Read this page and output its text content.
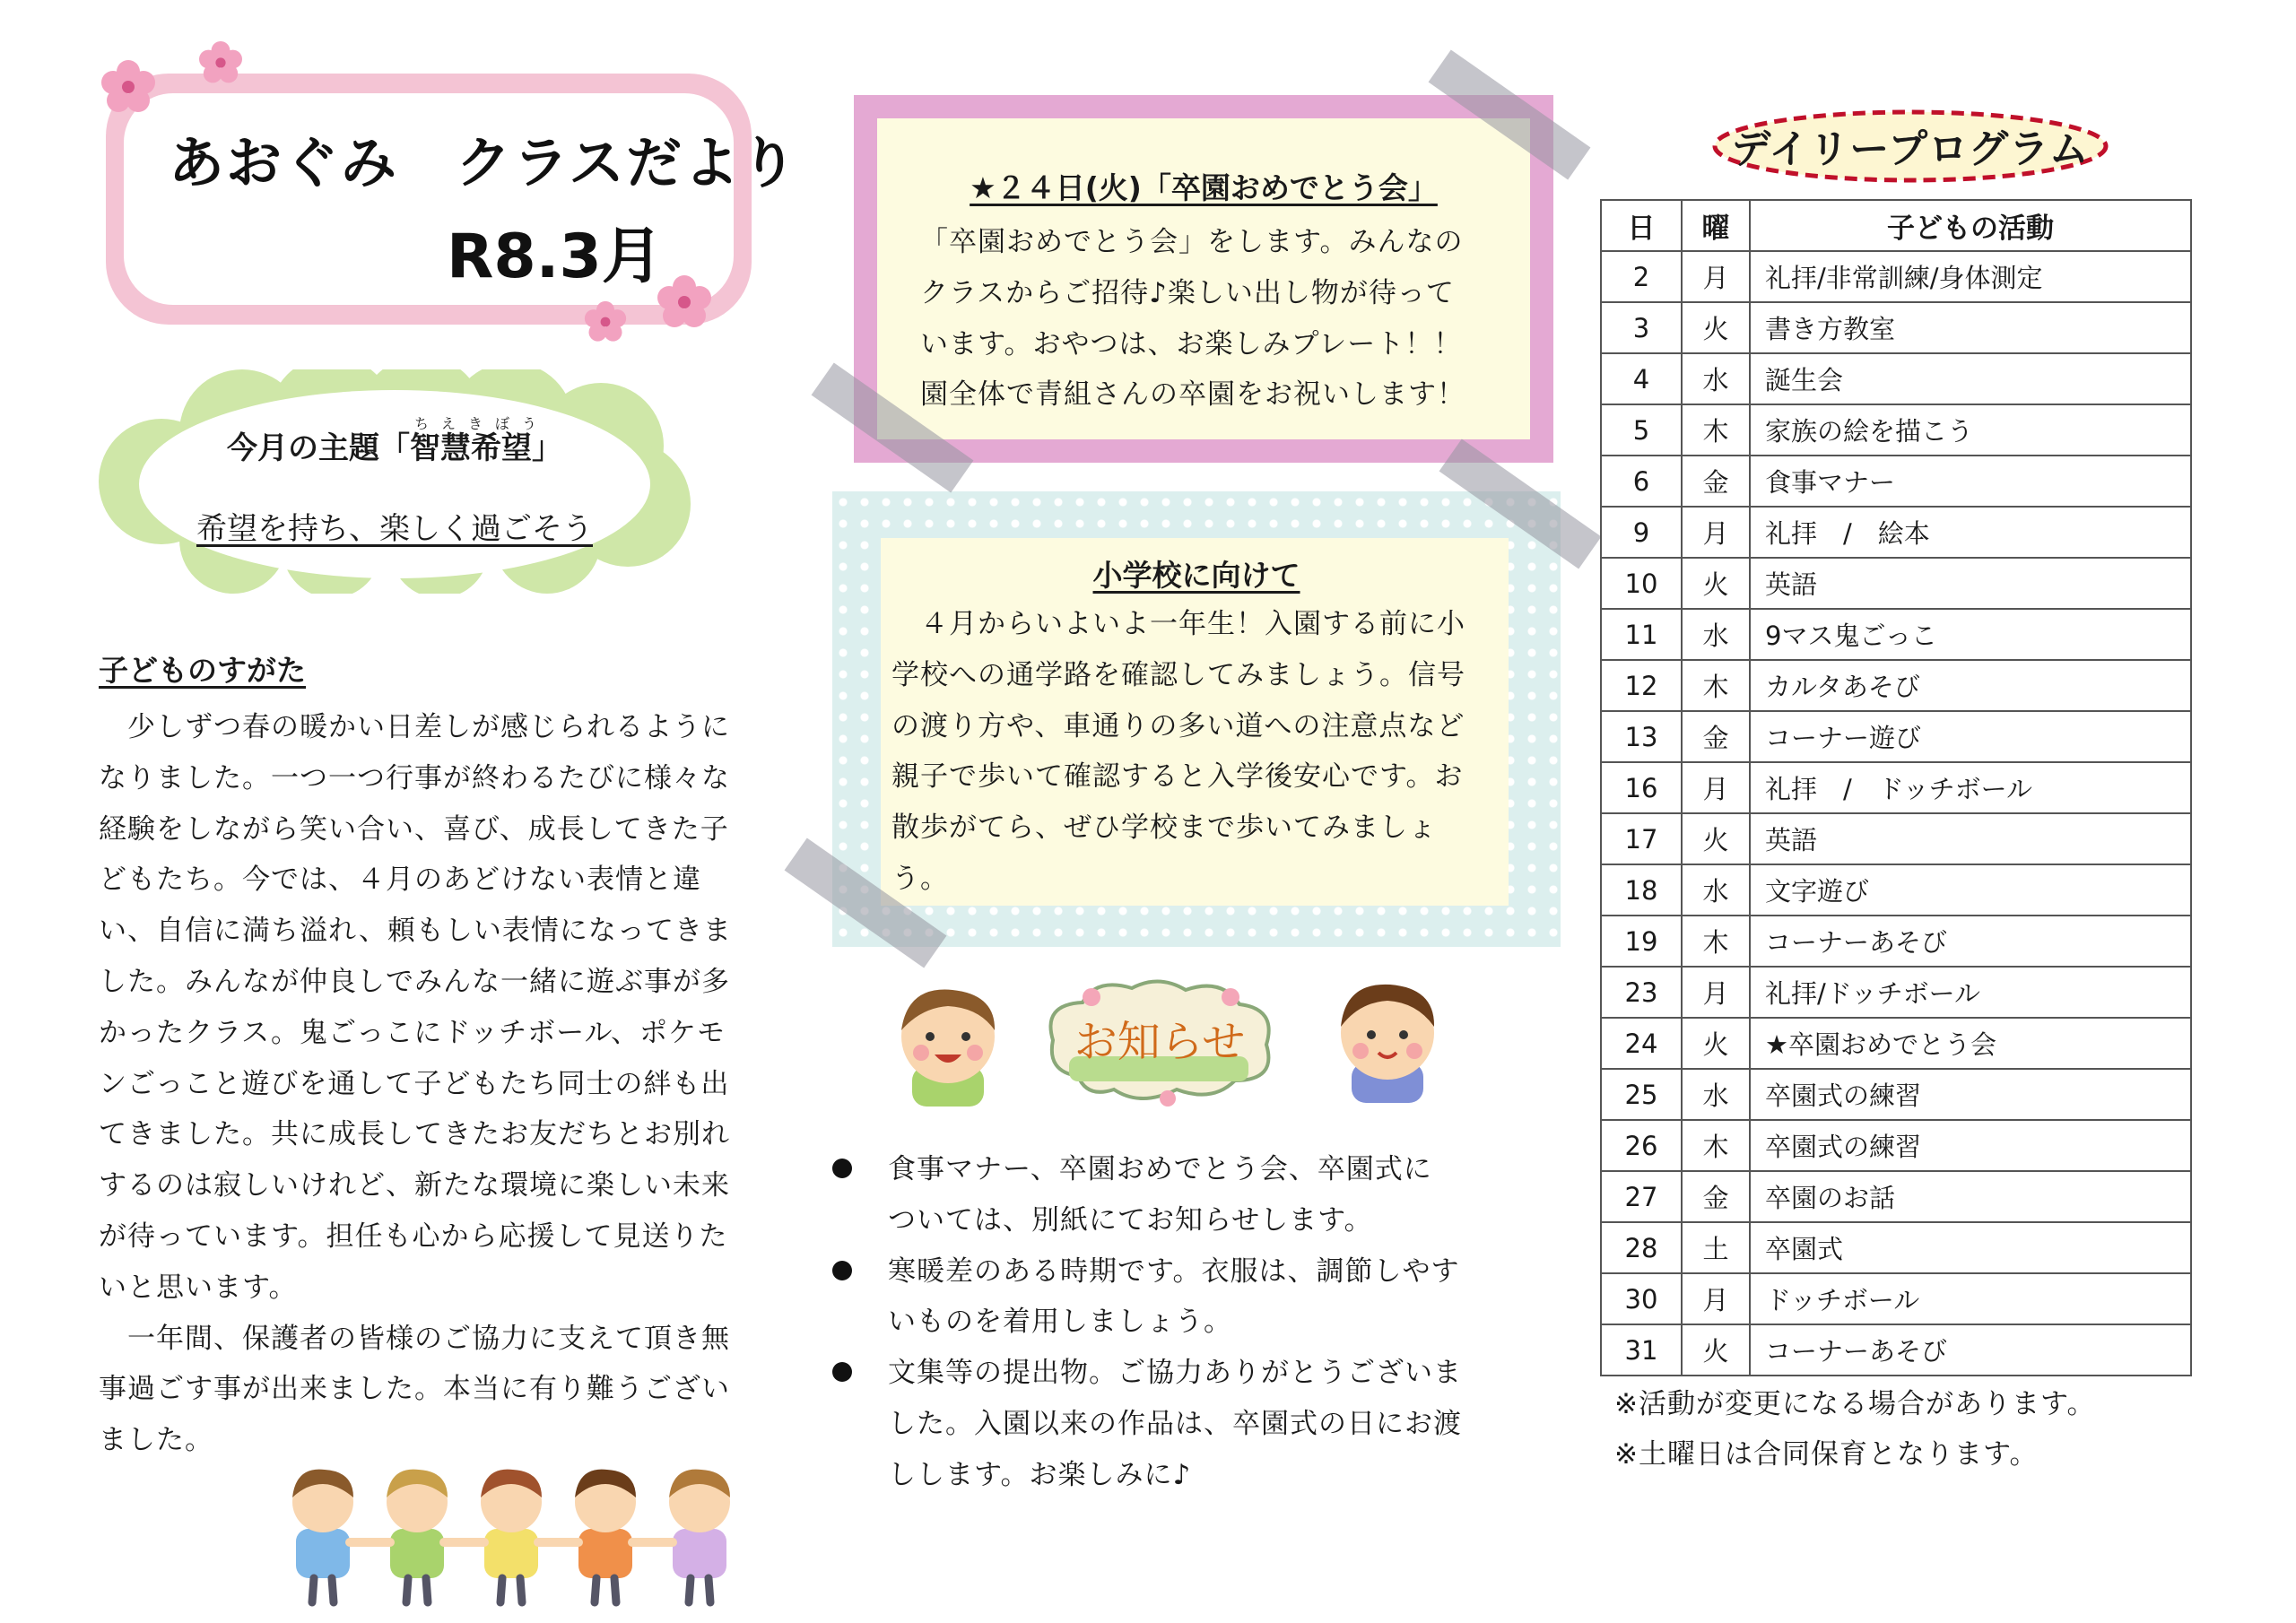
あおぐみ　クラスだより
R8.3月
ちえきぼう
今月の主題「智慧希望」
希望を持ち、楽しく過ごそう
子どものすがた
　少しずつ春の暖かい日差しが感じられるように
なりました。一つ一つ行事が終わるたびに様々な
経験をしながら笑い合い、喜び、成長してきた子
どもたち。今では、４月のあどけない表情と違
い、自信に満ち溢れ、頼もしい表情になってきま
した。みんなが仲良しでみんな一緒に遊ぶ事が多
かったクラス。鬼ごっこにドッチボール、ポケモ
ンごっこと遊びを通して子どもたち同士の絆も出
てきました。共に成長してきたお友だちとお別れ
するのは寂しいけれど、新たな環境に楽しい未来
が待っています。担任も心から応援して見送りた
いと思います。
　一年間、保護者の皆様のご協力に支えて頂き無
事過ごす事が出来ました。本当に有り難うござい
ました。
★２４日(火)「卒園おめでとう会」
「卒園おめでとう会」をします。みんなの
クラスからご招待♪楽しい出し物が待って
います。おやつは、お楽しみプレート！！
園全体で青組さんの卒園をお祝いします！
小学校に向けて
　４月からいよいよ一年生！入園する前に小
学校への通学路を確認してみましょう。信号
の渡り方や、車通りの多い道への注意点など
親子で歩いて確認すると入学後安心です。お
散歩がてら、ぜひ学校まで歩いてみましょ
う。
お知らせ
食事マナー、卒園おめでとう会、卒園式に
ついては、別紙にてお知らせします。
寒暖差のある時期です。衣服は、調節しやす
いものを着用しましょう。
文集等の提出物。ご協力ありがとうございま
した。入園以来の作品は、卒園式の日にお渡
しします。お楽しみに♪
デイリープログラム
日	曜	子どもの活動
2	月	礼拝/非常訓練/身体測定
3	火	書き方教室
4	水	誕生会
5	木	家族の絵を描こう
6	金	食事マナー
9	月	礼拝　/　絵本
10	火	英語
11	水	9マス鬼ごっこ
12	木	カルタあそび
13	金	コーナー遊び
16	月	礼拝　/　ドッチボール
17	火	英語
18	水	文字遊び
19	木	コーナーあそび
23	月	礼拝/ドッチボール
24	火	★卒園おめでとう会
25	水	卒園式の練習
26	木	卒園式の練習
27	金	卒園のお話
28	土	卒園式
30	月	ドッチボール
31	火	コーナーあそび
※活動が変更になる場合があります。
※土曜日は合同保育となります。
